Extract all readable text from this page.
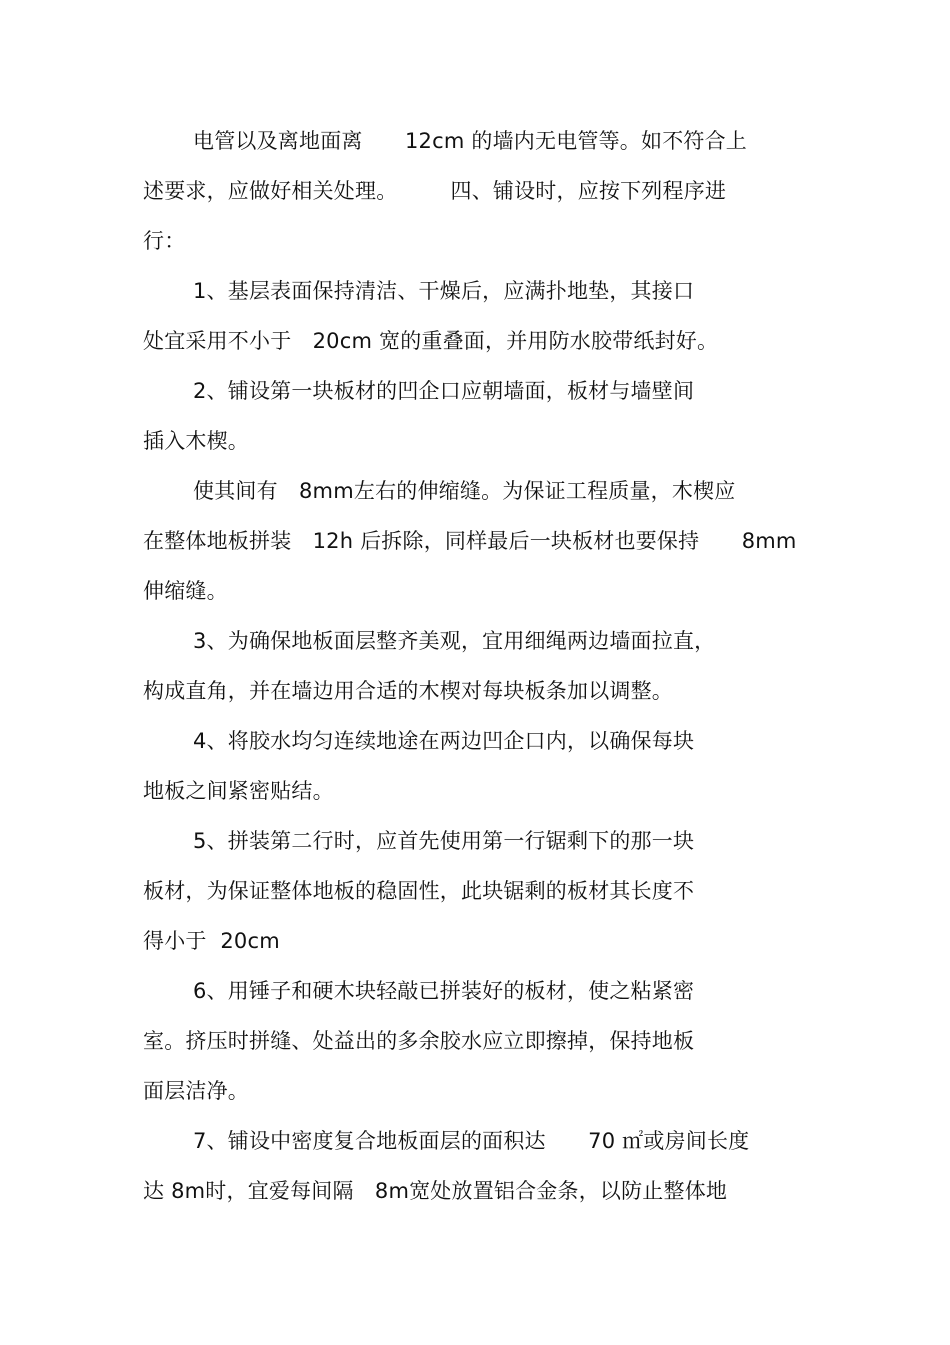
电管以及离地面离　　12cm 的墙内无电管等。如不符合上
述要求，应做好相关处理。　　　四、铺设时，应按下列程序进
行：
1、基层表面保持清洁、干燥后，应满扑地垫，其接口
处宜采用不小于　20cm 宽的重叠面，并用防水胶带纸封好。
2、铺设第一块板材的凹企口应朝墙面，板材与墙壁间
插入木楔。
使其间有　8mm左右的伸缩缝。为保证工程质量，木楔应
在整体地板拼装　12h 后拆除，同样最后一块板材也要保持　　8mm
伸缩缝。
3、为确保地板面层整齐美观，宜用细绳两边墙面拉直，
构成直角，并在墙边用合适的木楔对每块板条加以调整。
4、将胶水均匀连续地途在两边凹企口内，以确保每块
地板之间紧密贴结。
5、拼装第二行时，应首先使用第一行锯剩下的那一块
板材，为保证整体地板的稳固性，此块锯剩的板材其长度不
得小于  20cm
6、用锤子和硬木块轻敲已拼装好的板材，使之粘紧密
室。挤压时拼缝、处益出的多余胶水应立即擦掉，保持地板
面层洁净。
7、铺设中密度复合地板面层的面积达　　70 ㎡或房间长度
达 8m时，宜爱每间隔　8m宽处放置铝合金条，以防止整体地
